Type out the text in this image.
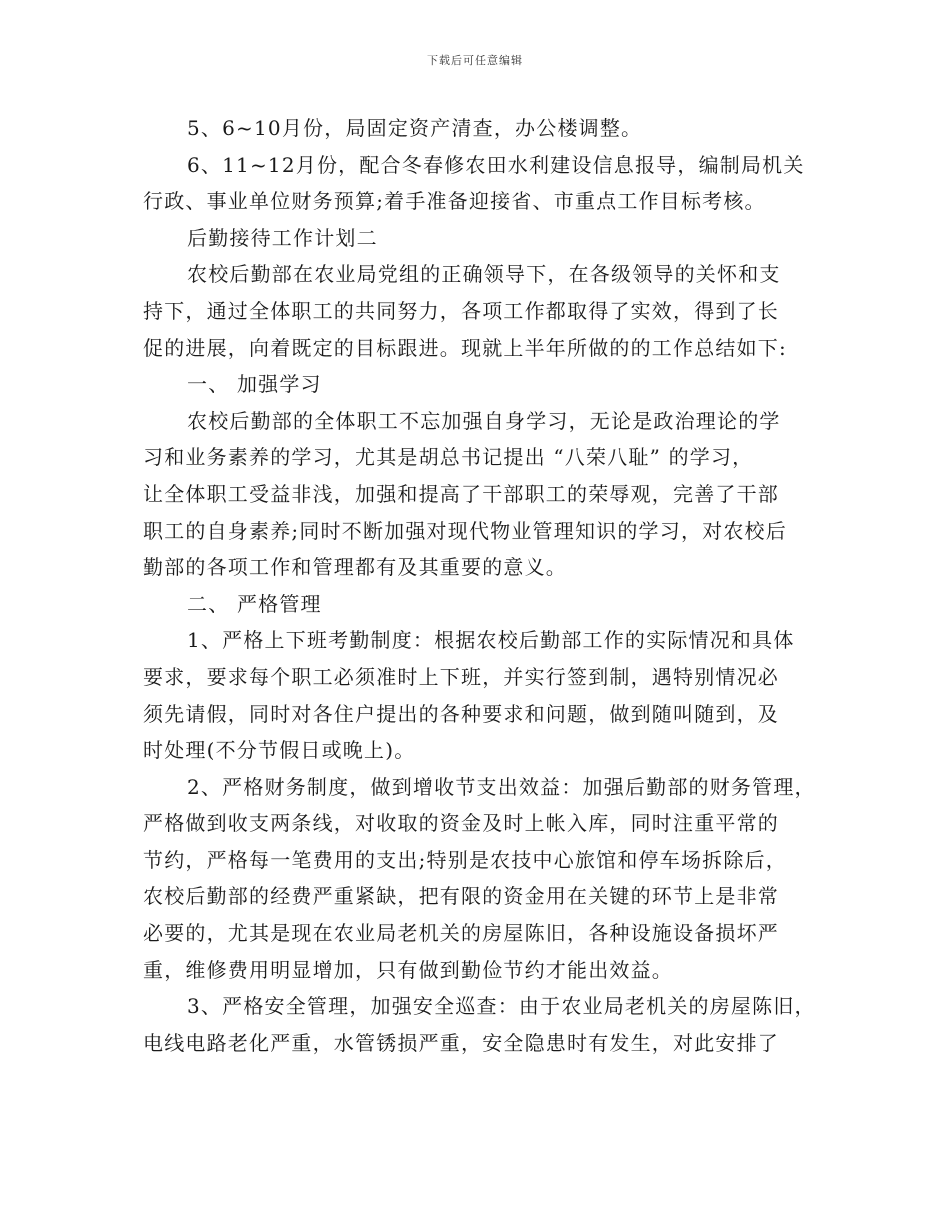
下载后可任意编辑
5、6~10月份，局固定资产清查，办公楼调整。
6、11~12月份，配合冬春修农田水利建设信息报导，编制局机关
行政、事业单位财务预算;着手准备迎接省、市重点工作目标考核。
后勤接待工作计划二
农校后勤部在农业局党组的正确领导下，在各级领导的关怀和支
持下，通过全体职工的共同努力，各项工作都取得了实效，得到了长
促的进展，向着既定的目标跟进。现就上半年所做的的工作总结如下:
一、 加强学习
农校后勤部的全体职工不忘加强自身学习，无论是政治理论的学
习和业务素养的学习，尤其是胡总书记提出 “八荣八耻” 的学习，
让全体职工受益非浅，加强和提高了干部职工的荣辱观，完善了干部
职工的自身素养;同时不断加强对现代物业管理知识的学习，对农校后
勤部的各项工作和管理都有及其重要的意义。
二、 严格管理
1、严格上下班考勤制度：根据农校后勤部工作的实际情况和具体
要求，要求每个职工必须准时上下班，并实行签到制，遇特别情况必
须先请假，同时对各住户提出的各种要求和问题，做到随叫随到，及
时处理(不分节假日或晚上)。
2、严格财务制度，做到增收节支出效益：加强后勤部的财务管理，
严格做到收支两条线，对收取的资金及时上帐入库，同时注重平常的
节约，严格每一笔费用的支出;特别是农技中心旅馆和停车场拆除后，
农校后勤部的经费严重紧缺，把有限的资金用在关键的环节上是非常
必要的，尤其是现在农业局老机关的房屋陈旧，各种设施设备损坏严
重，维修费用明显增加，只有做到勤俭节约才能出效益。
3、严格安全管理，加强安全巡查：由于农业局老机关的房屋陈旧，
电线电路老化严重，水管锈损严重，安全隐患时有发生，对此安排了
